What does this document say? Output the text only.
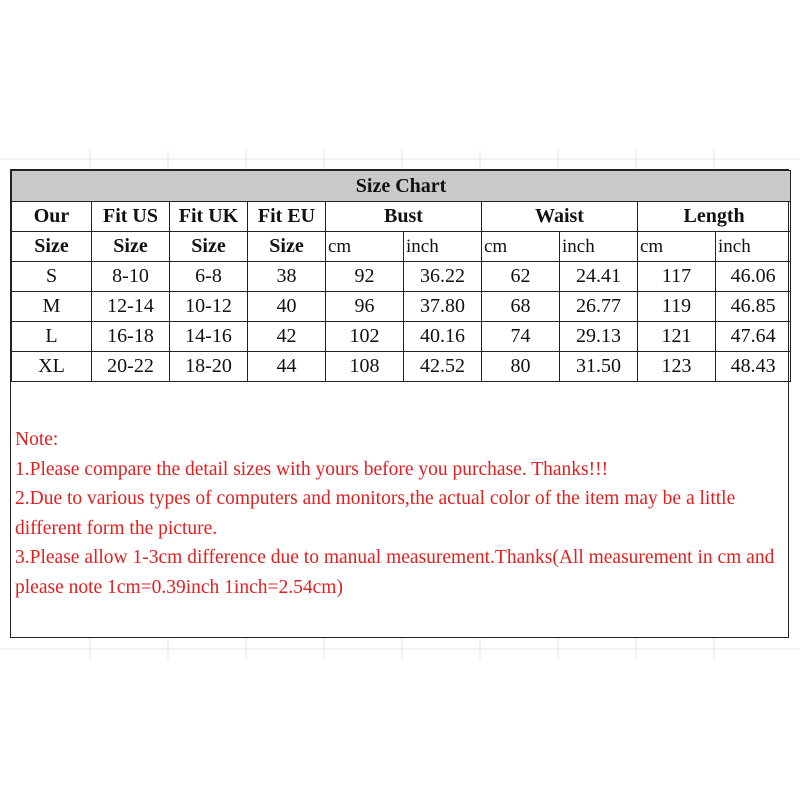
Size Chart									
Our	Fit US	Fit UK	Fit EU	Bust		Waist		Length	
Size	Size	Size	Size	cm	inch	cm	inch	cm	inch
S	8-10	6-8	38	92	36.22	62	24.41	117	46.06
M	12-14	10-12	40	96	37.80	68	26.77	119	46.85
L	16-18	14-16	42	102	40.16	74	29.13	121	47.64
XL	20-22	18-20	44	108	42.52	80	31.50	123	48.43
Note:
1.Please compare the detail sizes with yours before you purchase. Thanks!!!
2.Due to various types of computers and monitors,the actual color of the item may be a little different form the picture.
3.Please allow 1-3cm difference due to manual measurement.Thanks(All measurement in cm and please note 1cm=0.39inch 1inch=2.54cm)
